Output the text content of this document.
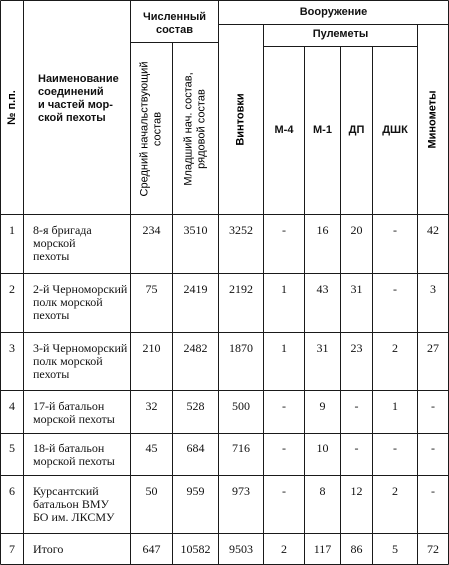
№ п.п.
Наименование
соединений
и частей мор-
ской пехоты
Численный
состав
Средний начальствующий
состав
Младший нач. состав,
рядовой состав
Вооружение
Винтовки
Пулеметы
М-4	М-1	ДП	ДШК	Минометы
1 8-я бригада
морской
пехоты
234	3510	3252	-	16	20	-	42
2 2-й Черноморский
полк морской
пехоты
75	2419	2192	1	43	31	-	3
3 3-й Черноморский
полк морской
пехоты
210	2482	1870	1	31	23	2	27
4 17-й батальон
морской пехоты
32	528	500	-	9	-	1	-
5 18-й батальон
морской пехоты
45	684	716	-	10	-	-	-
6 Курсантский
батальон ВМУ
БО им. ЛКСМУ
50	959	973	-	8	12	2	-
7 Итого	647	10582	9503	2	117	86	5	72
